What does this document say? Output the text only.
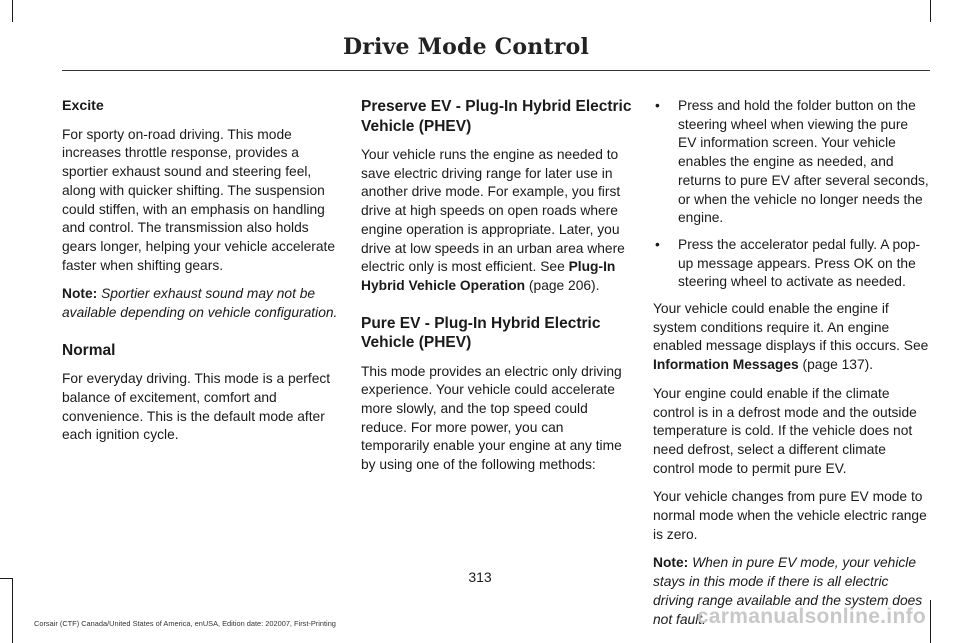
Drive Mode Control

Excite

For sporty on-road driving. This mode increases throttle response, provides a sportier exhaust sound and steering feel, along with quicker shifting. The suspension could stiffen, with an emphasis on handling and control. The transmission also holds gears longer, helping your vehicle accelerate faster when shifting gears.

Note: Sportier exhaust sound may not be available depending on vehicle configuration.

Normal

For everyday driving. This mode is a perfect balance of excitement, comfort and convenience. This is the default mode after each ignition cycle.

Preserve EV - Plug-In Hybrid Electric Vehicle (PHEV)

Your vehicle runs the engine as needed to save electric driving range for later use in another drive mode. For example, you first drive at high speeds on open roads where engine operation is appropriate. Later, you drive at low speeds in an urban area where electric only is most efficient. See Plug-In Hybrid Vehicle Operation (page 206).

Pure EV - Plug-In Hybrid Electric Vehicle (PHEV)

This mode provides an electric only driving experience. Your vehicle could accelerate more slowly, and the top speed could reduce. For more power, you can temporarily enable your engine at any time by using one of the following methods:

• Press and hold the folder button on the steering wheel when viewing the pure EV information screen. Your vehicle enables the engine as needed, and returns to pure EV after several seconds, or when the vehicle no longer needs the engine.
• Press the accelerator pedal fully. A pop-up message appears. Press OK on the steering wheel to activate as needed.

Your vehicle could enable the engine if system conditions require it. An engine enabled message displays if this occurs. See Information Messages (page 137).

Your engine could enable if the climate control is in a defrost mode and the outside temperature is cold. If the vehicle does not need defrost, select a different climate control mode to permit pure EV.

Your vehicle changes from pure EV mode to normal mode when the vehicle electric range is zero.

Note: When in pure EV mode, your vehicle stays in this mode if there is all electric driving range available and the system does not fault.

313
Corsair (CTF) Canada/United States of America, enUSA, Edition date: 202007, First-Printing	carmanualsonline.info
